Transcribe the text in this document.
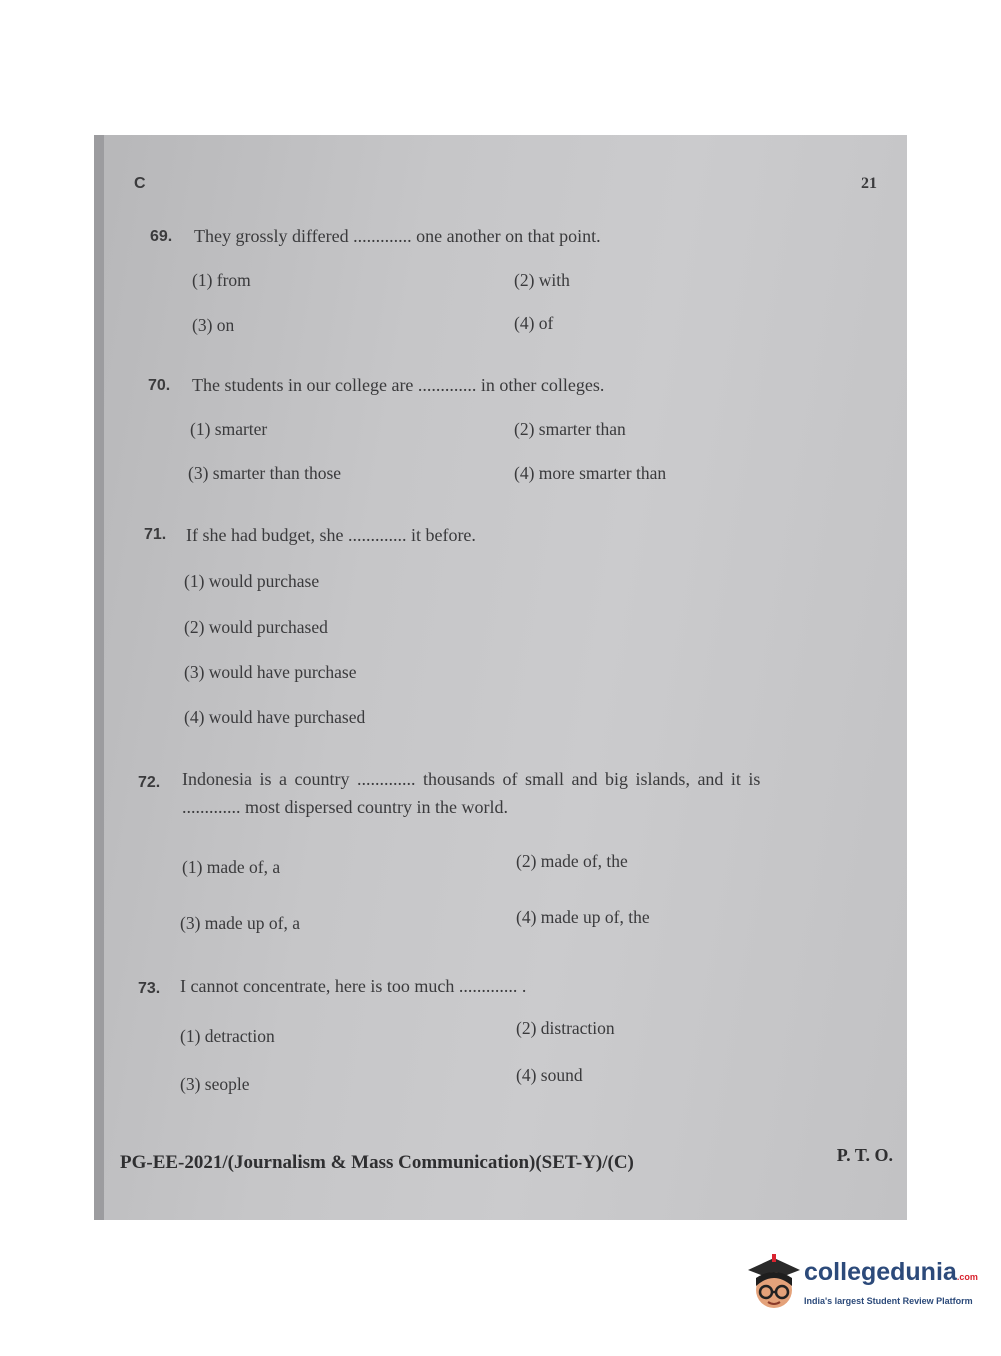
C	21
69. They grossly differed ............. one another on that point.
(1) from	(2) with
(3) on	(4) of
70. The students in our college are ............. in other colleges.
(1) smarter	(2) smarter than
(3) smarter than those	(4) more smarter than
71. If she had budget, she ............. it before.
(1) would purchase
(2) would purchased
(3) would have purchase
(4) would have purchased
72. Indonesia is a country ............. thousands of small and big islands, and it is
............. most dispersed country in the world.
(1) made of, a	(2) made of, the
(3) made up of, a	(4) made up of, the
73. I cannot concentrate, here is too much ............. .
(1) detraction	(2) distraction
(3) seople	(4) sound
PG-EE-2021/(Journalism & Mass Communication)(SET-Y)/(C)	P. T. O.
collegedunia.com
India's largest Student Review Platform
